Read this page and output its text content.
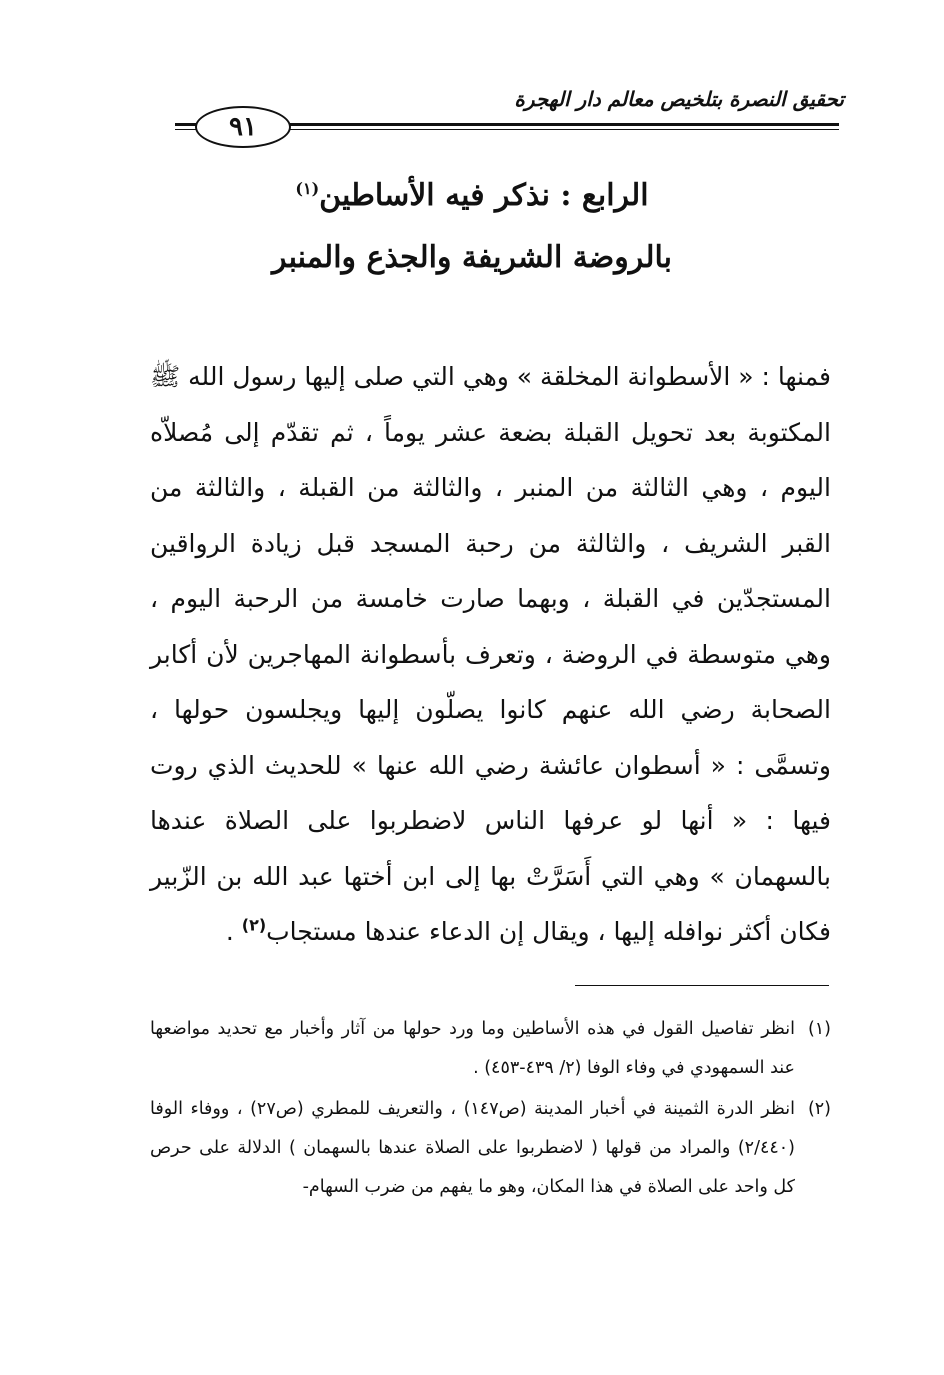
تحقيق النصرة بتلخيص معالم دار الهجرة
٩١
الرابع : نذكر فيه الأساطين$^{(١)}$
بالروضة الشريفة والجذع والمنبر

فمنها : « الأسطوانة المخلقة » وهي التي صلى إليها رسول الله ﷺ المكتوبة بعد تحويل القبلة بضعة عشر يوماً ، ثم تقدّم إلى مُصلاّه اليوم ، وهي الثالثة من المنبر ، والثالثة من القبلة ، والثالثة من القبر الشريف ، والثالثة من رحبة المسجد قبل زيادة الرواقين المستجدّين في القبلة ، وبهما صارت خامسة من الرحبة اليوم ، وهي متوسطة في الروضة ، وتعرف بأسطوانة المهاجرين لأن أكابر الصحابة رضي الله عنهم كانوا يصلّون إليها ويجلسون حولها ، وتسمَّى : « أسطوان عائشة رضي الله عنها » للحديث الذي روت فيها : « أنها لو عرفها الناس لاضطربوا على الصلاة عندها بالسهمان » وهي التي أَسَرَّتْ بها إلى ابن أختها عبد الله بن الزّبير فكان أكثر نوافله إليها ، ويقال إن الدعاء عندها مستجاب$^{(٢)}$ .

(١)
انظر تفاصيل القول في هذه الأساطين وما ورد حولها من آثار وأخبار مع تحديد مواضعها عند السمهودي في وفاء الوفا (٢/ ٤٣٩-٤٥٣) .
(٢)
انظر الدرة الثمينة في أخبار المدينة (ص١٤٧) ، والتعريف للمطري (ص٢٧) ، ووفاء الوفا (٢/٤٤٠) والمراد من قولها ( لاضطربوا على الصلاة عندها بالسهمان ) الدلالة على حرص كل واحد على الصلاة في هذا المكان، وهو ما يفهم من ضرب السهام-
